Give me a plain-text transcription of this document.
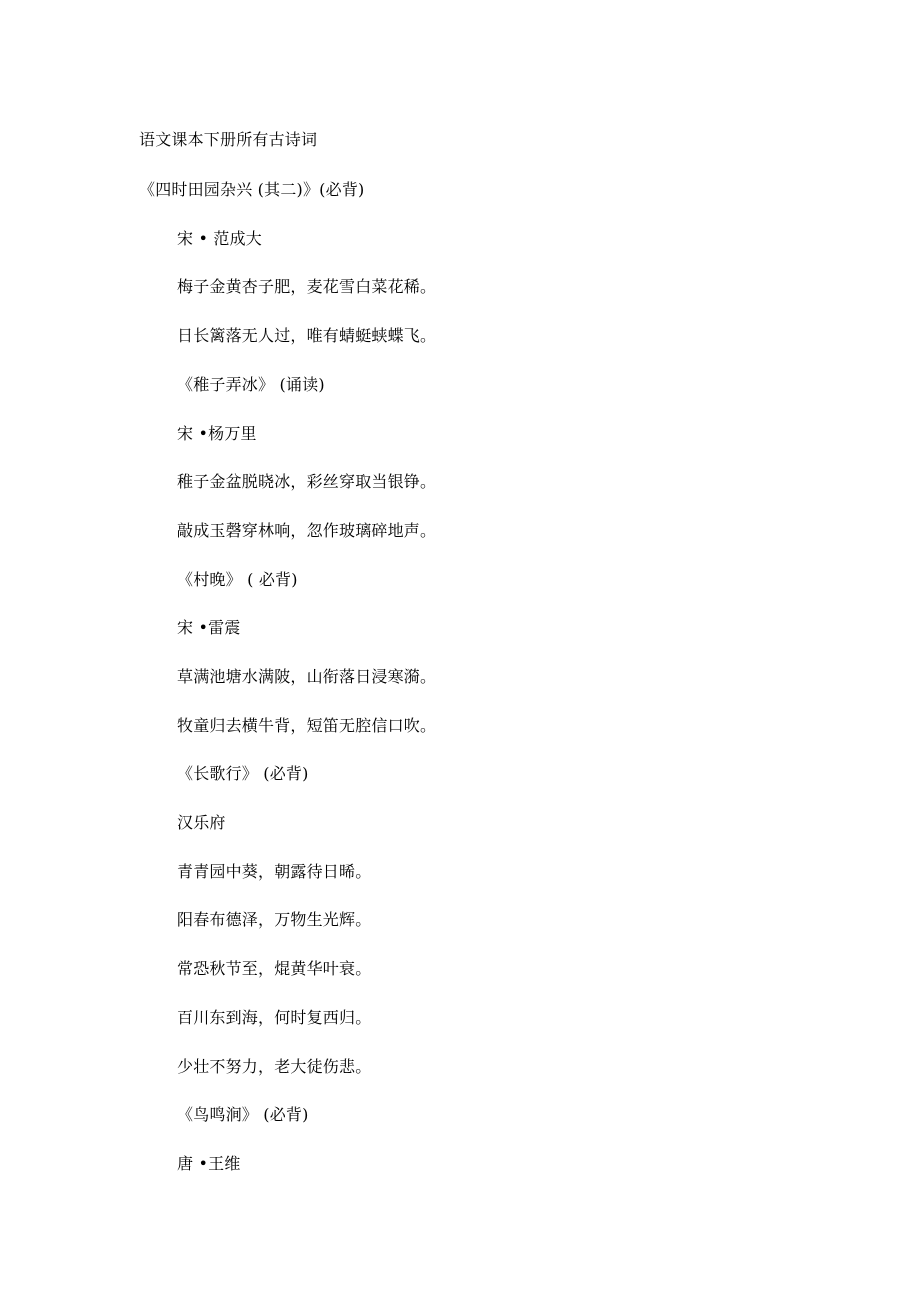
语文课本下册所有古诗词
《四时田园杂兴 (其二)》(必背)
宋 • 范成大
梅子金黄杏子肥，麦花雪白菜花稀。
日长篱落无人过，唯有蜻蜓蛱蝶飞。
《稚子弄冰》 (诵读)
宋 •杨万里
稚子金盆脱晓冰，彩丝穿取当银铮。
敲成玉磬穿林响，忽作玻璃碎地声。
《村晚》 ( 必背)
宋 •雷震
草满池塘水满陂，山衔落日浸寒漪。
牧童归去横牛背，短笛无腔信口吹。
《长歌行》 (必背)
汉乐府
青青园中葵，朝露待日晞。
阳春布德泽，万物生光辉。
常恐秋节至，焜黄华叶衰。
百川东到海，何时复西归。
少壮不努力，老大徒伤悲。
《鸟鸣涧》 (必背)
唐 •王维
